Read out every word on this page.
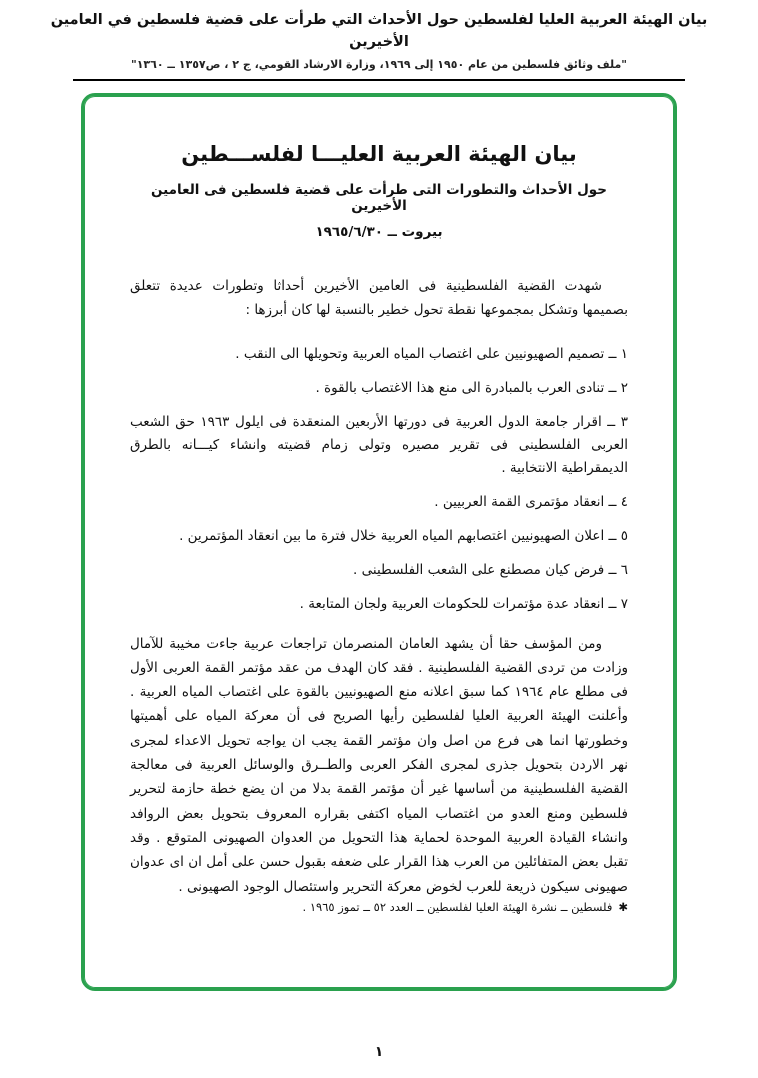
بيان الهيئة العربية العليا لفلسطين حول الأحداث التي طرأت على قضية فلسطين في العامين الأخيرين
"ملف وثائق فلسطين من عام ١٩٥٠ إلى ١٩٦٩، وزارة الارشاد القومي، ج ٢ ، ص١٣٥٧ ــ ١٣٦٠"
بيان الهيئة العربية العليـــا لفلســـطين
حول الأحداث والتطورات التى طرأت على قضية فلسطين فى العامين الأخيرين
بيروت ــ ١٩٦٥/٦/٣٠
شهدت القضية الفلسطينية فى العامين الأخيرين أحداثا وتطورات عديدة تتعلق بصميمها وتشكل بمجموعها نقطة تحول خطير بالنسبة لها كان أبرزها :
١ ــ تصميم الصهيونيين على اغتصاب المياه العربية وتحويلها الى النقب .
٢ ــ تنادى العرب بالمبادرة الى منع هذا الاغتصاب بالقوة .
٣ ــ اقرار جامعة الدول العربية فى دورتها الأربعين المنعقدة فى ايلول ١٩٦٣ حق الشعب العربى الفلسطينى فى تقرير مصيره وتولى زمام قضيته وانشاء كيـــانه بالطرق الديمقراطية الانتخابية .
٤ ــ انعقاد مؤتمرى القمة العربيين .
٥ ــ اعلان الصهيونيين اغتصابهم المياه العربية خلال فترة ما بين انعقاد المؤتمرين .
٦ ــ فرض كيان مصطنع على الشعب الفلسطينى .
٧ ــ انعقاد عدة مؤتمرات للحكومات العربية ولجان المتابعة .
ومن المؤسف حقا أن يشهد العامان المنصرمان تراجعات عربية جاءت مخيبة للآمال وزادت من تردى القضية الفلسطينية . فقد كان الهدف من عقد مؤتمر القمة العربى الأول فى مطلع عام ١٩٦٤ كما سبق اعلانه منع الصهيونيين بالقوة على اغتصاب المياه العربية . وأعلنت الهيئة العربية العليا لفلسطين رأيها الصريح فى أن معركة المياه على أهميتها وخطورتها انما هى فرع من اصل وان مؤتمر القمة يجب ان يواجه تحويل الاعداء لمجرى نهر الاردن بتحويل جذرى لمجرى الفكر العربى والطــرق والوسائل العربية فى معالجة القضية الفلسطينية من أساسها غير أن مؤتمر القمة بدلا من ان يضع خطة حازمة لتحرير فلسطين ومنع العدو من اغتصاب المياه اكتفى بقراره المعروف بتحويل بعض الروافد وانشاء القيادة العربية الموحدة لحماية هذا التحويل من العدوان الصهيونى المتوقع . وقد تقبل بعض المتفائلين من العرب هذا القرار على ضعفه بقبول حسن على أمل ان اى عدوان صهيونى سيكون ذريعة للعرب لخوض معركة التحرير واستئصال الوجود الصهيونى .
✱فلسطين ــ نشرة الهيئة العليا لفلسطين ــ العدد ٥٢ ــ تموز ١٩٦٥ .
١
